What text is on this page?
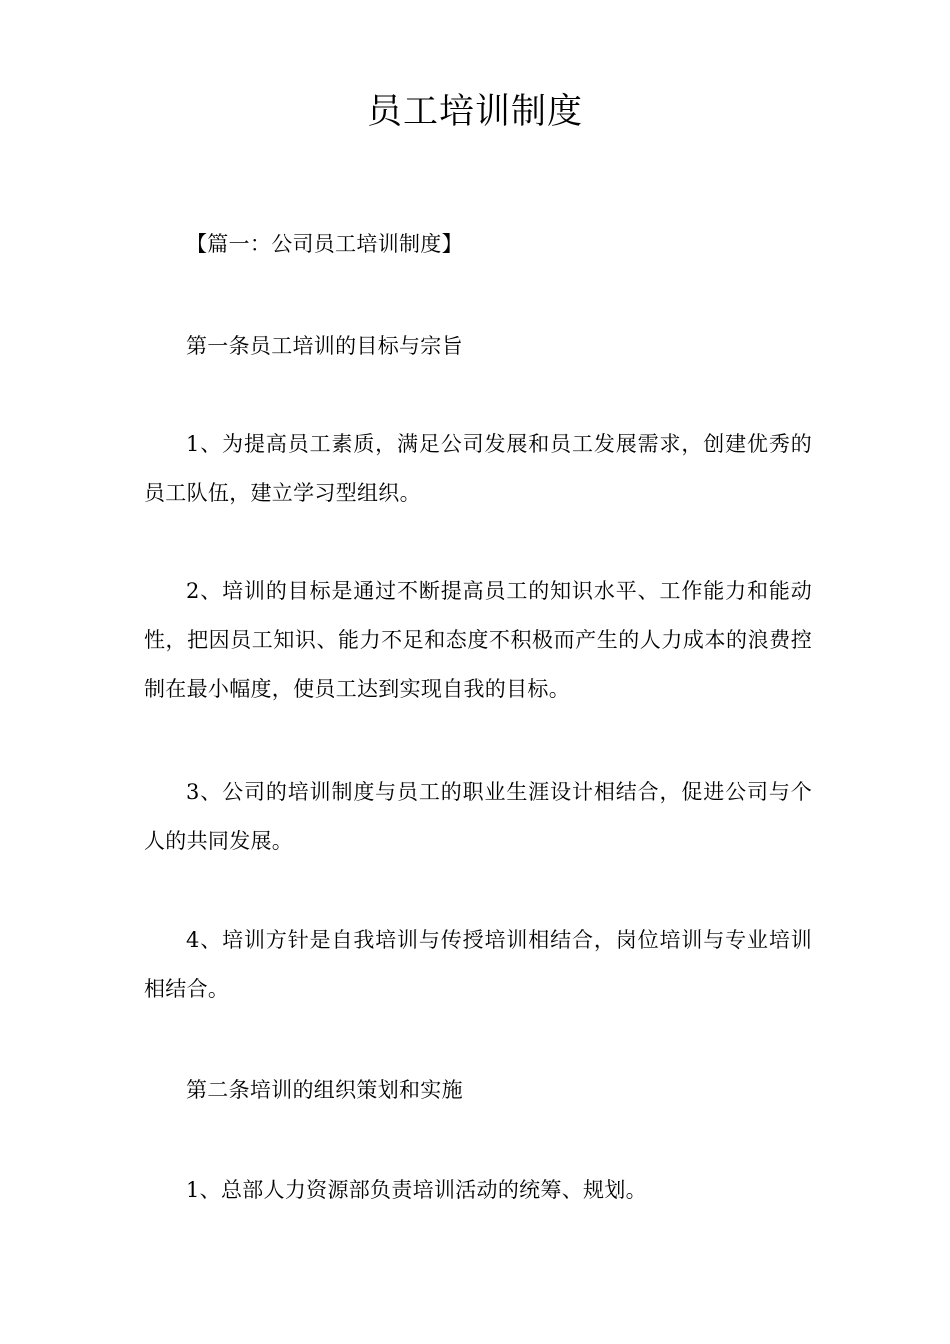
员工培训制度

【篇一：公司员工培训制度】

第一条员工培训的目标与宗旨

1、为提高员工素质，满足公司发展和员工发展需求，创建优秀的员工队伍，建立学习型组织。

2、培训的目标是通过不断提高员工的知识水平、工作能力和能动性，把因员工知识、能力不足和态度不积极而产生的人力成本的浪费控制在最小幅度，使员工达到实现自我的目标。

3、公司的培训制度与员工的职业生涯设计相结合，促进公司与个人的共同发展。

4、培训方针是自我培训与传授培训相结合，岗位培训与专业培训相结合。

第二条培训的组织策划和实施

1、总部人力资源部负责培训活动的统筹、规划。
